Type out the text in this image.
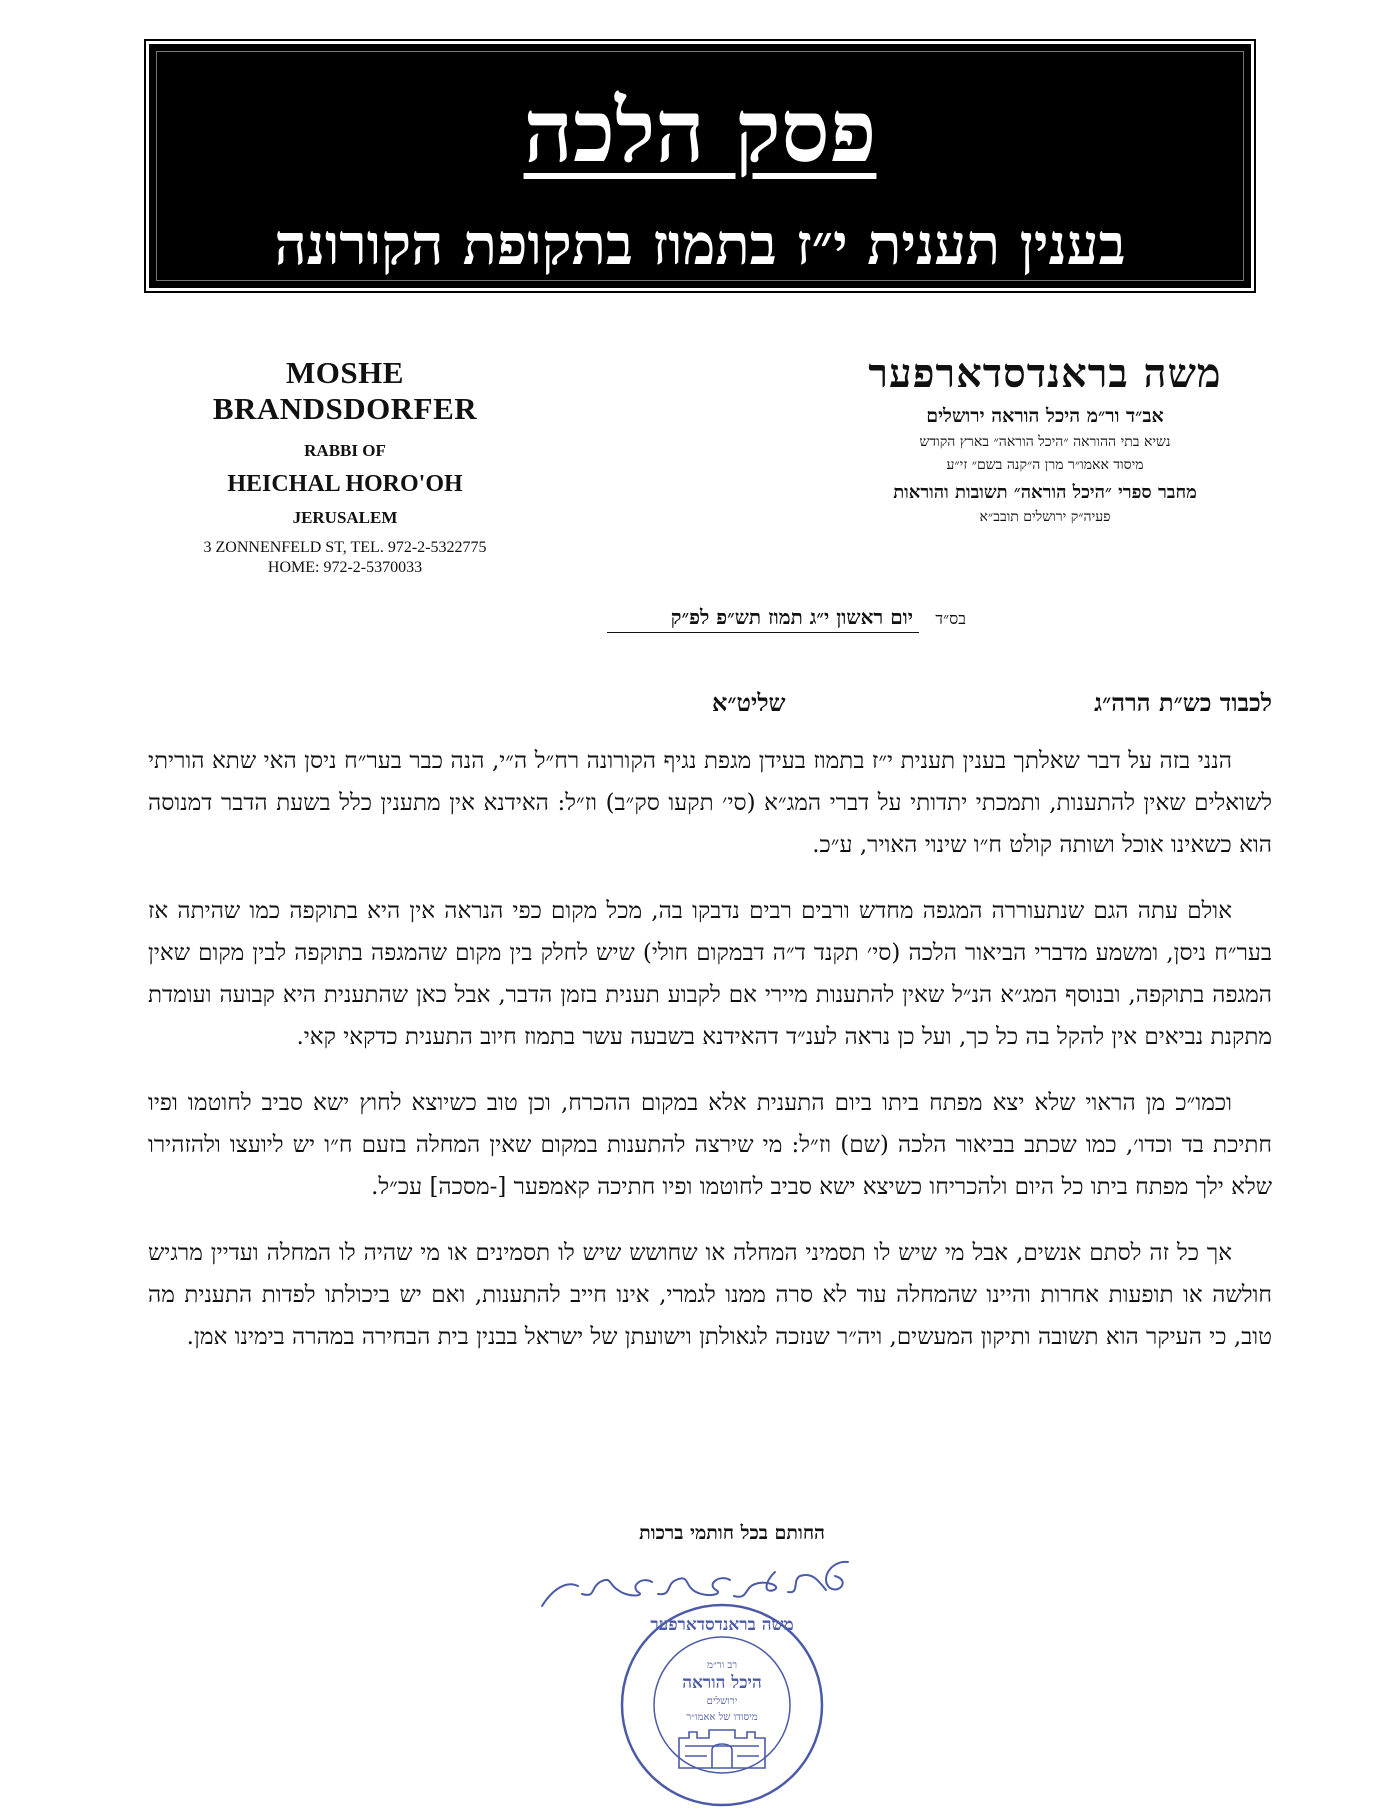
פסק הלכה
בענין תענית י״ז בתמוז בתקופת הקורונה
MOSHE BRANDSDORFER
RABBI OF
HEICHAL HORO'OH
JERUSALEM
3 ZONNENFELD ST, TEL. 972-2-5322775
HOME: 972-2-5370033
משה בראנדסדארפער
אב״ד ור״מ היכל הוראה ירושלים
נשיא בתי ההוראה ״היכל הוראה״ בארץ הקודש
מיסוד אאמו״ר מרן ה״קנה בשם״ זי״ע
מחבר ספרי ״היכל הוראה״ תשובות והוראות
פעיה״ק ירושלים תובב״א
בס״ד יום ראשון י״ג תמוז תש״פ לפ״ק
לכבוד כש״ת הרה״ג
שליט״א

הנני בזה על דבר שאלתך בענין תענית י״ז בתמוז בעידן מגפת נגיף הקורונה רח״ל ה״י, הנה כבר בער״ח ניסן האי שתא הוריתי לשואלים שאין להתענות, ותמכתי יתדותי על דברי המג״א (סי׳ תקעו סק״ב) וז״ל: האידנא אין מתענין כלל בשעת הדבר דמנוסה הוא כשאינו אוכל ושותה קולט ח״ו שינוי האויר, ע״כ.

אולם עתה הגם שנתעוררה המגפה מחדש ורבים רבים נדבקו בה, מכל מקום כפי הנראה אין היא בתוקפה כמו שהיתה אז בער״ח ניסן, ומשמע מדברי הביאור הלכה (סי׳ תקנד ד״ה דבמקום חולי) שיש לחלק בין מקום שהמגפה בתוקפה לבין מקום שאין המגפה בתוקפה, ובנוסף המג״א הנ״ל שאין להתענות מיירי אם לקבוע תענית בזמן הדבר, אבל כאן שהתענית היא קבועה ועומדת מתקנת נביאים אין להקל בה כל כך, ועל כן נראה לענ״ד דהאידנא בשבעה עשר בתמוז חיוב התענית כדקאי קאי.

וכמו״כ מן הראוי שלא יצא מפתח ביתו ביום התענית אלא במקום ההכרח, וכן טוב כשיוצא לחוץ ישא סביב לחוטמו ופיו חתיכת בד וכדו׳, כמו שכתב בביאור הלכה (שם) וז״ל: מי שירצה להתענות במקום שאין המחלה בזעם ח״ו יש ליועצו ולהזהירו שלא ילך מפתח ביתו כל היום ולהכריחו כשיצא ישא סביב לחוטמו ופיו חתיכה קאמפער [-מסכה] עכ״ל.

אך כל זה לסתם אנשים, אבל מי שיש לו תסמיני המחלה או שחושש שיש לו תסמינים או מי שהיה לו המחלה ועדיין מרגיש חולשה או תופעות אחרות והיינו שהמחלה עוד לא סרה ממנו לגמרי, אינו חייב להתענות, ואם יש ביכולתו לפדות התענית מה טוב, כי העיקר הוא תשובה ותיקון המעשים, ויה״ר שנזכה לגאולתן וישועתן של ישראל בבנין בית הבחירה במהרה בימינו אמן.

החותם בכל חותמי ברכות
משה בראנדסדארפער
רב ור״מ
היכל הוראה
ירושלים
מיסודו של אאמו״ר
